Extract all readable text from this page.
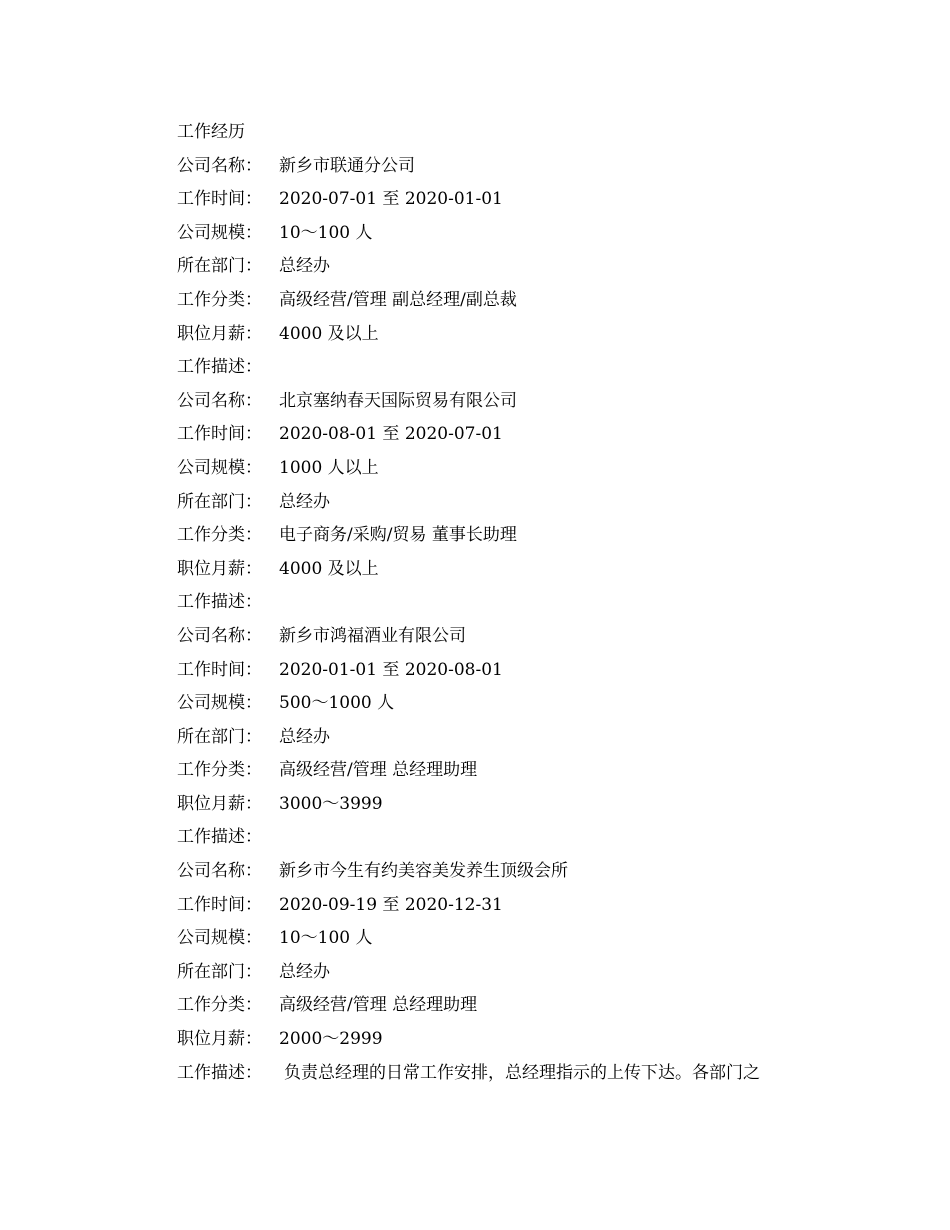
工作经历
公司名称：	新乡市联通分公司
工作时间：	2020-07-01 至 2020-01-01
公司规模：	10～100 人
所在部门：	总经办
工作分类：	高级经营/管理 副总经理/副总裁
职位月薪：	4000 及以上
工作描述：
公司名称：	北京塞纳春天国际贸易有限公司
工作时间：	2020-08-01 至 2020-07-01
公司规模：	1000 人以上
所在部门：	总经办
工作分类：	电子商务/采购/贸易 董事长助理
职位月薪：	4000 及以上
工作描述：
公司名称：	新乡市鸿福酒业有限公司
工作时间：	2020-01-01 至 2020-08-01
公司规模：	500～1000 人
所在部门：	总经办
工作分类：	高级经营/管理 总经理助理
职位月薪：	3000～3999
工作描述：
公司名称：	新乡市今生有约美容美发养生顶级会所
工作时间：	2020-09-19 至 2020-12-31
公司规模：	10～100 人
所在部门：	总经办
工作分类：	高级经营/管理 总经理助理
职位月薪：	2000～2999
工作描述：	负责总经理的日常工作安排，总经理指示的上传下达。各部门之
